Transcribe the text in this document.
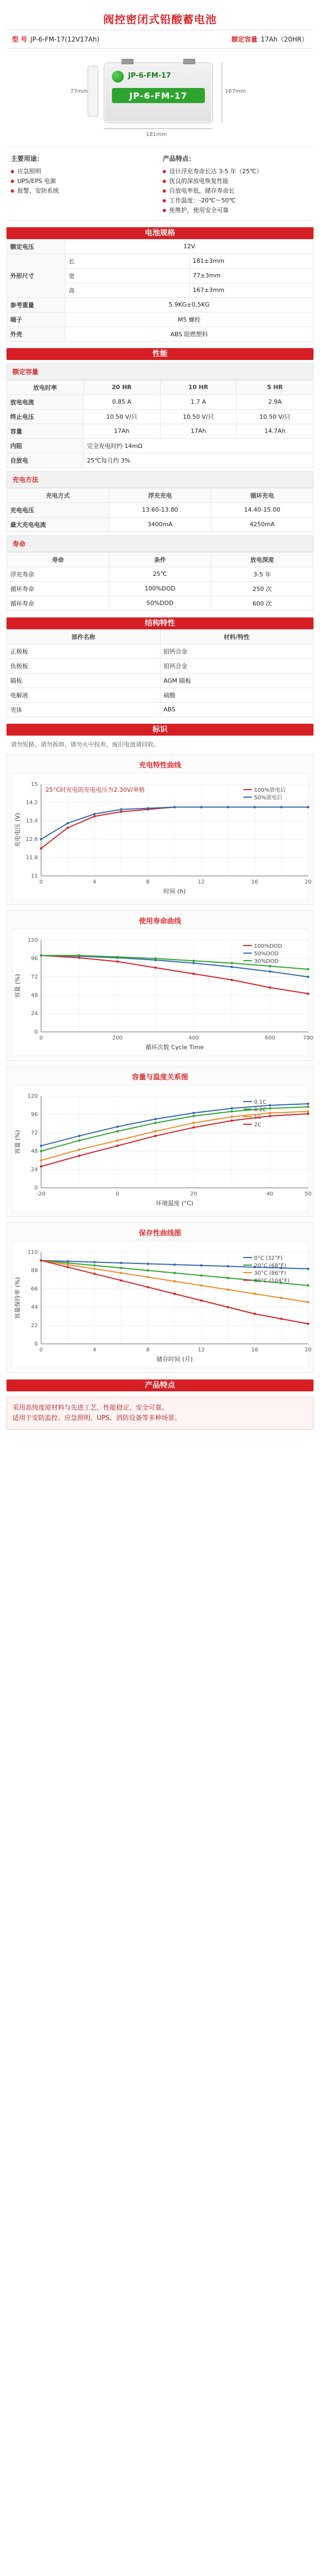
阀控密闭式铅酸蓄电池
型 号 JP-6-FM-17(12V17Ah)	额定容量 17Ah（20HR）
JP-6-FM-17
JP-6-FM-17
181mm
167mm
77mm
主要用途：
应急照明
UPS/EPS 电源
报警、安防系统
产品特点：
设计浮充寿命长达 3-5 年（25℃）
优良的深放电恢复性能
自放电率低，储存寿命长
工作温度：-20℃～50℃
免维护，使用安全可靠
电池规格
额定电压	12V	
外形尺寸	长	181±3mm
	宽	77±3mm
	高	167±3mm
参考重量	5.9KG±0.5KG	
端子	M5 螺栓	
外壳	ABS 阻燃塑料	
性能
额定容量
放电时率	20 HR	10 HR	5 HR
放电电流	0.85 A	1.7 A	2.9A
终止电压	10.50 V/只	10.50 V/只	10.50 V/只
容量	17Ah	17Ah	14.7Ah
内阻	完全充电时约 14mΩ		
自放电	25℃每月约 3%		
充电方法
充电方式	浮充充电	循环充电
充电电压	13.60-13.80	14.40-15.00
最大充电电流	3400mA	4250mA
寿命
寿命	条件	放电深度
浮充寿命	25℃	3-5 年
循环寿命	100%DOD	250 次
循环寿命	50%DOD	600 次
结构特性
部件名称	材料/特性
正极板	铅钙合金
负极板	铅钙合金
隔板	AGM 隔板
电解液	硫酸
壳体	ABS
标识
请勿短路、请勿拆卸、请勿火中投弃，废旧电池请回收。
充电特性曲线
0	4	8	12	16	20
11
11.8
12.6
13.4
14.2
15
时间 (h)
充电电压 (V)
25°C时充电的充电电压为2.30V/单格	100%放电后
50%放电后
使用寿命曲线
0	200	400	600	700
0
24
48
72
96
120
循环次数 Cycle Time
容量 (%)
100%DOD
50%DOD
30%DOD
容量与温度关系图
-20	0	20	40	50
0
24
48
72
96
120
环境温度 (°C)
容量 (%)
0.1C
0.2C
1C
2C
保存性曲线图
0	4	8	12	16	20
0
22
44
66
88
110
储存时间 (月)
容量保持率 (%)
0°C (32°F)
20°C (68°F)
30°C (86°F)
40°C (104°F)
产品特点
采用高纯度原材料与先进工艺，性能稳定，安全可靠。
适用于安防监控、应急照明、UPS、消防设备等多种场景。
